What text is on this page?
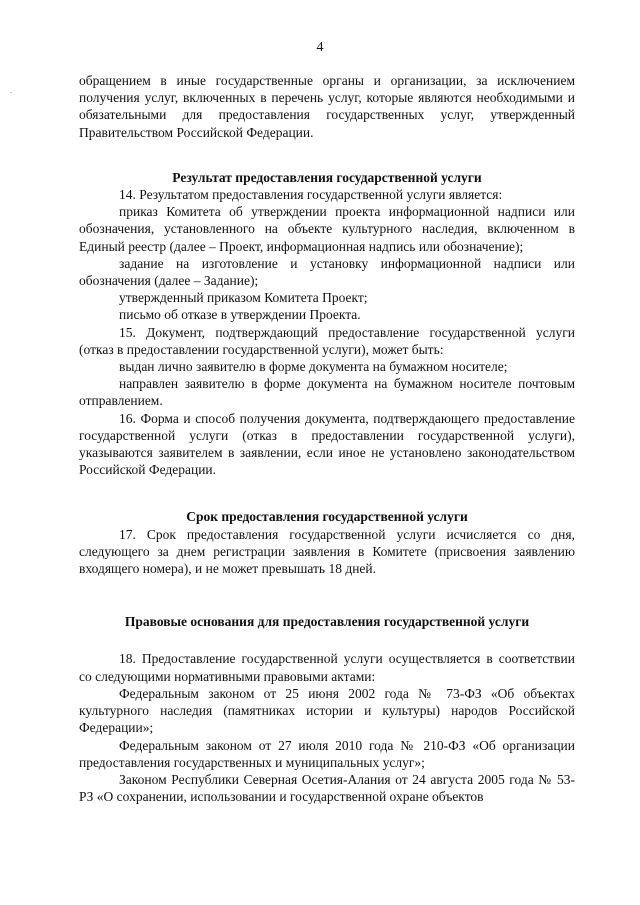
.
4

обращением в иные государственные органы и организации, за исключением получения услуг, включенных в перечень услуг, которые являются необходимыми и обязательными для предоставления государственных услуг, утвержденный Правительством Российской Федерации.

Результат предоставления государственной услуги

14. Результатом предоставления государственной услуги является:

приказ Комитета об утверждении проекта информационной надписи или обозначения, установленного на объекте культурного наследия, включенном в Единый реестр (далее – Проект, информационная надпись или обозначение);

задание на изготовление и установку информационной надписи или обозначения (далее – Задание);

утвержденный приказом Комитета Проект;

письмо об отказе в утверждении Проекта.

15. Документ, подтверждающий предоставление государственной услуги (отказ в предоставлении государственной услуги), может быть:

выдан лично заявителю в форме документа на бумажном носителе;

направлен заявителю в форме документа на бумажном носителе почтовым отправлением.

16. Форма и способ получения документа, подтверждающего предоставление государственной услуги (отказ в предоставлении государственной услуги), указываются заявителем в заявлении, если иное не установлено законодательством Российской Федерации.

Срок предоставления государственной услуги

17. Срок предоставления государственной услуги исчисляется со дня, следующего за днем регистрации заявления в Комитете (присвоения заявлению входящего номера), и не может превышать 18 дней.

Правовые основания для предоставления государственной услуги

18. Предоставление государственной услуги осуществляется в соответствии со следующими нормативными правовыми актами:

Федеральным законом от 25 июня 2002 года № 73-ФЗ «Об объектах культурного наследия (памятниках истории и культуры) народов Российской Федерации»;

Федеральным законом от 27 июля 2010 года № 210-ФЗ «Об организации предоставления государственных и муниципальных услуг»;

Законом Республики Северная Осетия-Алания от 24 августа 2005 года № 53-РЗ «О сохранении, использовании и государственной охране объектов
